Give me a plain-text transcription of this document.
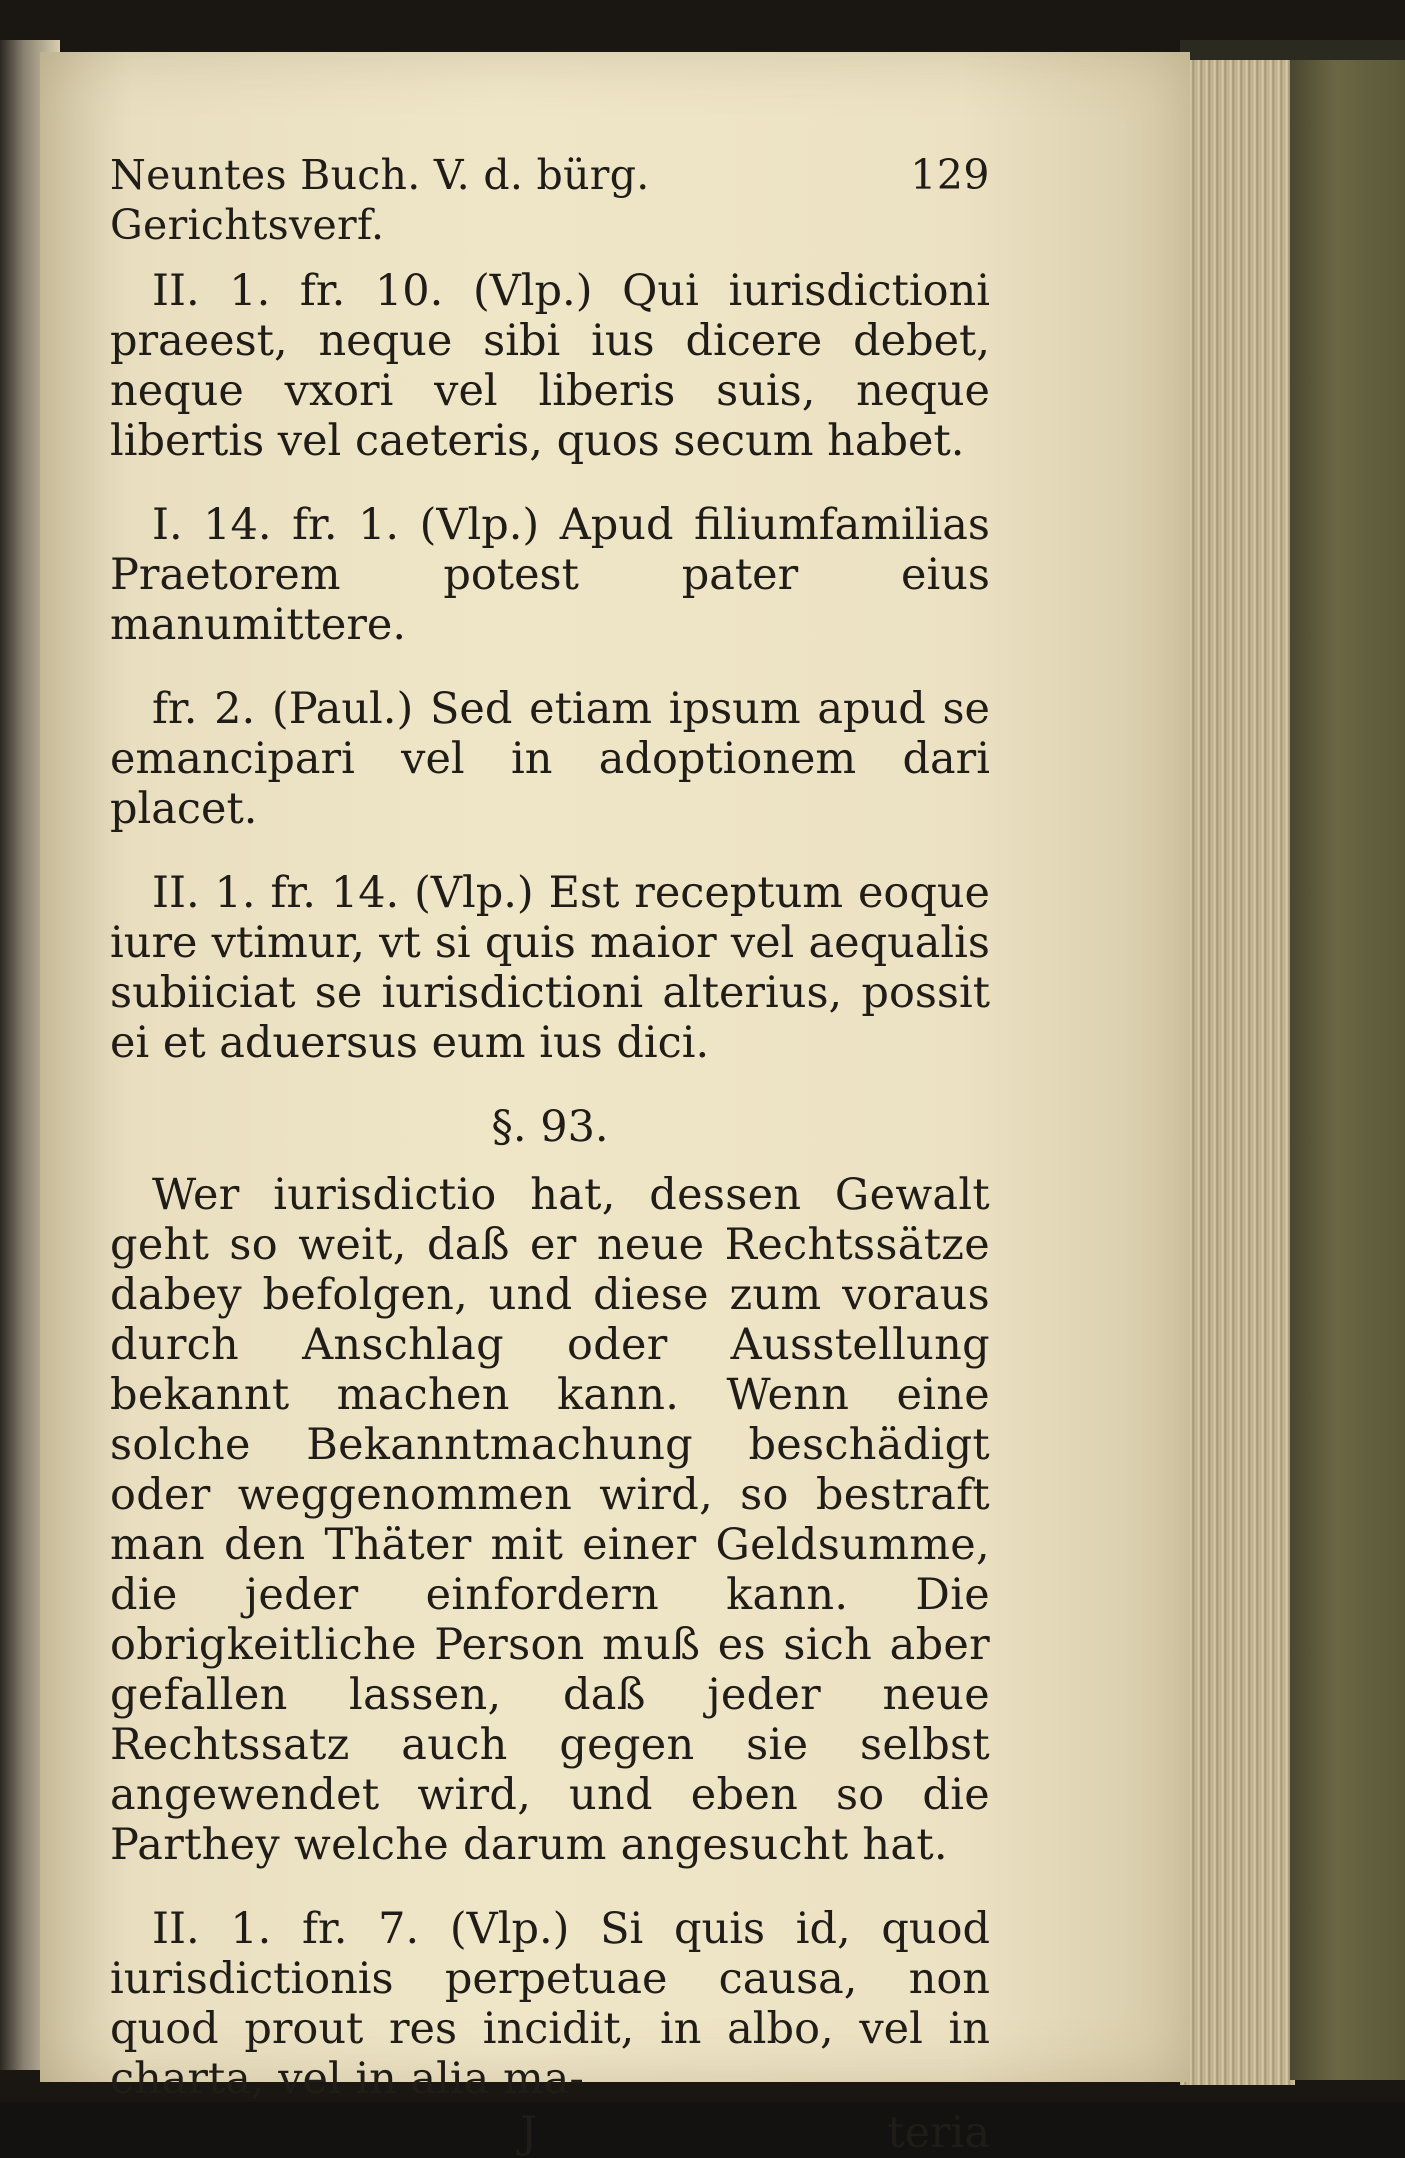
Neuntes Buch. V. d. bürg. Gerichtsverf.
129

II. 1. fr. 10. (Vlp.) Qui iurisdictioni praeest, neque sibi ius dicere debet, neque vxori vel liberis suis, neque libertis vel caeteris, quos secum habet.

I. 14. fr. 1. (Vlp.) Apud filiumfamilias Praetorem potest pater eius manumittere.

fr. 2. (Paul.) Sed etiam ipsum apud se emancipari vel in adoptionem dari placet.

II. 1. fr. 14. (Vlp.) Est receptum eoque iure vtimur, vt si quis maior vel aequalis subiiciat se iurisdictioni alterius, possit ei et aduersus eum ius dici.

§. 93.

Wer iurisdictio hat, dessen Gewalt geht so weit, daß er neue Rechtssätze dabey befolgen, und diese zum voraus durch Anschlag oder Ausstellung bekannt machen kann. Wenn eine solche Bekanntmachung beschädigt oder weggenommen wird, so bestraft man den Thäter mit einer Geldsumme, die jeder einfordern kann. Die obrigkeitliche Person muß es sich aber gefallen lassen, daß jeder neue Rechtssatz auch gegen sie selbst angewendet wird, und eben so die Parthey welche darum angesucht hat.

II. 1. fr. 7. (Vlp.) Si quis id, quod iurisdictionis perpetuae causa, non quod prout res incidit, in albo, vel in charta, vel in alia ma-

J	teria
